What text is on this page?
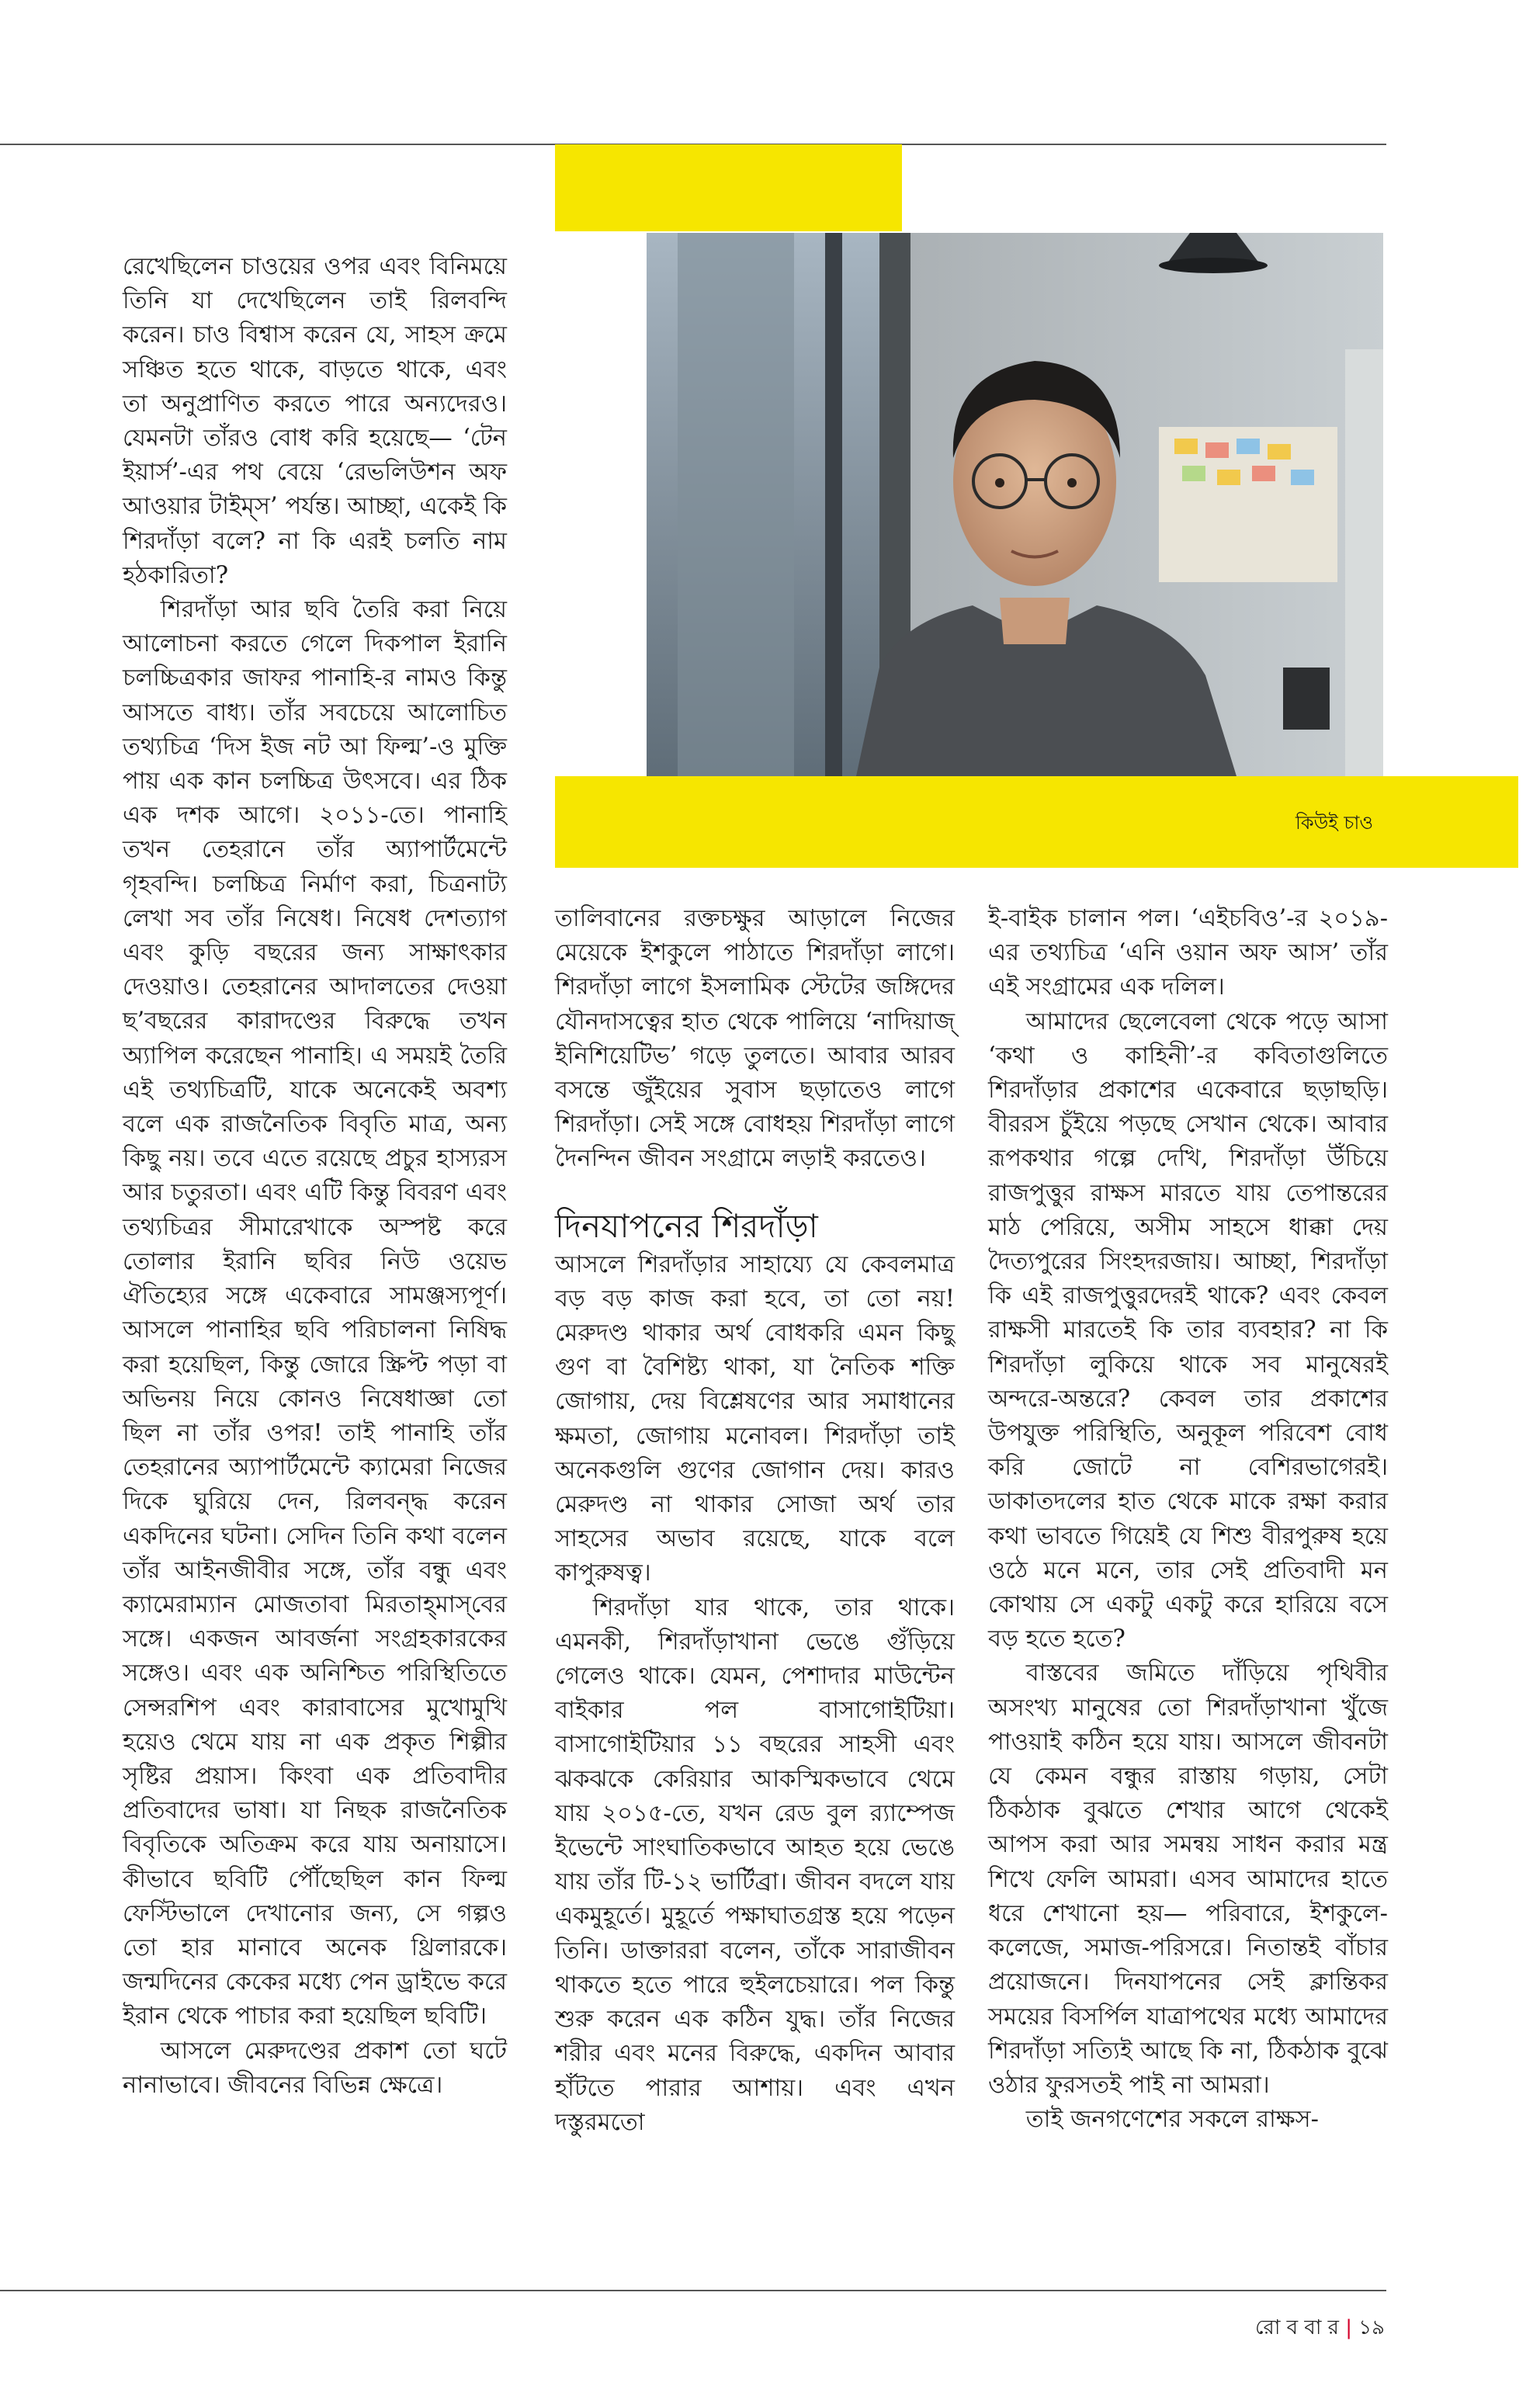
কিউই চাও

রেখেছিলেন চাওয়ের ওপর এবং বিনিময়ে তিনি যা দেখেছিলেন তাই রিলবন্দি করেন। চাও বিশ্বাস করেন যে, সাহস ক্রমে সঞ্চিত হতে থাকে, বাড়তে থাকে, এবং তা অনুপ্রাণিত করতে পারে অন্যদেরও। যেমনটা তাঁরও বোধ করি হয়েছে— ‘টেন ইয়ার্স’-এর পথ বেয়ে ‘রেভলিউশন অফ আওয়ার টাইম্‌স’ পর্যন্ত। আচ্ছা, একেই কি শিরদাঁড়া বলে? না কি এরই চলতি নাম হঠকারিতা?

শিরদাঁড়া আর ছবি তৈরি করা নিয়ে আলোচনা করতে গেলে দিকপাল ইরানি চলচ্চিত্রকার জাফর পানাহি-র নামও কিন্তু আসতে বাধ্য। তাঁর সবচেয়ে আলোচিত তথ্যচিত্র ‘দিস ইজ নট আ ফিল্ম’-ও মুক্তি পায় এক কান চলচ্চিত্র উৎসবে। এর ঠিক এক দশক আগে। ২০১১-তে। পানাহি তখন তেহরানে তাঁর অ্যাপার্টমেন্টে গৃহবন্দি। চলচ্চিত্র নির্মাণ করা, চিত্রনাট্য লেখা সব তাঁর নিষেধ। নিষেধ দেশত্যাগ এবং কুড়ি বছরের জন্য সাক্ষাৎকার দেওয়াও। তেহরানের আদালতের দেওয়া ছ’বছরের কারাদণ্ডের বিরুদ্ধে তখন অ্যাপিল করেছেন পানাহি। এ সময়ই তৈরি এই তথ্যচিত্রটি, যাকে অনেকেই অবশ্য বলে এক রাজনৈতিক বিবৃতি মাত্র, অন্য কিছু নয়। তবে এতে রয়েছে প্রচুর হাস্যরস আর চতুরতা। এবং এটি কিন্তু বিবরণ এবং তথ্যচিত্রর সীমারেখাকে অস্পষ্ট করে তোলার ইরানি ছবির নিউ ওয়েভ ঐতিহ্যের সঙ্গে একেবারে সামঞ্জস্যপূর্ণ। আসলে পানাহির ছবি পরিচালনা নিষিদ্ধ করা হয়েছিল, কিন্তু জোরে স্ক্রিপ্ট পড়া বা অভিনয় নিয়ে কোনও নিষেধাজ্ঞা তো ছিল না তাঁর ওপর! তাই পানাহি তাঁর তেহরানের অ্যাপার্টমেন্টে ক্যামেরা নিজের দিকে ঘুরিয়ে দেন, রিলবন্দ্ধ করেন একদিনের ঘটনা। সেদিন তিনি কথা বলেন তাঁর আইনজীবীর সঙ্গে, তাঁর বন্ধু এবং ক্যামেরাম্যান মোজতাবা মিরতাহ্‌মাস্‌বের সঙ্গে। একজন আবর্জনা সংগ্রহকারকের সঙ্গেও। এবং এক অনিশ্চিত পরিস্থিতিতে সেন্সরশিপ এবং কারাবাসের মুখোমুখি হয়েও থেমে যায় না এক প্রকৃত শিল্পীর সৃষ্টির প্রয়াস। কিংবা এক প্রতিবাদীর প্রতিবাদের ভাষা। যা নিছক রাজনৈতিক বিবৃতিকে অতিক্রম করে যায় অনায়াসে। কীভাবে ছবিটি পৌঁছেছিল কান ফিল্ম ফেস্টিভালে দেখানোর জন্য, সে গল্পও তো হার মানাবে অনেক থ্রিলারকে। জন্মদিনের কেকের মধ্যে পেন ড্রাইভে করে ইরান থেকে পাচার করা হয়েছিল ছবিটি।

আসলে মেরুদণ্ডের প্রকাশ তো ঘটে নানাভাবে। জীবনের বিভিন্ন ক্ষেত্রে।

তালিবানের রক্তচক্ষুর আড়ালে নিজের মেয়েকে ইশকুলে পাঠাতে শিরদাঁড়া লাগে। শিরদাঁড়া লাগে ইসলামিক স্টেটের জঙ্গিদের যৌনদাসত্বের হাত থেকে পালিয়ে ‘নাদিয়াজ্‌ ইনিশিয়েটিভ’ গড়ে তুলতে। আবার আরব বসন্তে জুঁইয়ের সুবাস ছড়াতেও লাগে শিরদাঁড়া। সেই সঙ্গে বোধহয় শিরদাঁড়া লাগে দৈনন্দিন জীবন সংগ্রামে লড়াই করতেও।

দিনযাপনের শিরদাঁড়া

আসলে শিরদাঁড়ার সাহায্যে যে কেবলমাত্র বড় বড় কাজ করা হবে, তা তো নয়! মেরুদণ্ড থাকার অর্থ বোধকরি এমন কিছু গুণ বা বৈশিষ্ট্য থাকা, যা নৈতিক শক্তি জোগায়, দেয় বিশ্লেষণের আর সমাধানের ক্ষমতা, জোগায় মনোবল। শিরদাঁড়া তাই অনেকগুলি গুণের জোগান দেয়। কারও মেরুদণ্ড না থাকার সোজা অর্থ তার সাহসের অভাব রয়েছে, যাকে বলে কাপুরুষত্ব।

শিরদাঁড়া যার থাকে, তার থাকে। এমনকী, শিরদাঁড়াখানা ভেঙে গুঁড়িয়ে গেলেও থাকে। যেমন, পেশাদার মাউন্টেন বাইকার পল বাসাগোইটিয়া। বাসাগোইটিয়ার ১১ বছরের সাহসী এবং ঝকঝকে কেরিয়ার আকস্মিকভাবে থেমে যায় ২০১৫-তে, যখন রেড বুল র‍্যাম্পেজ ইভেন্টে সাংঘাতিকভাবে আহত হয়ে ভেঙে যায় তাঁর টি-১২ ভার্টিব্রা। জীবন বদলে যায় একমুহূর্তে। মুহূর্তে পক্ষাঘাতগ্রস্ত হয়ে পড়েন তিনি। ডাক্তাররা বলেন, তাঁকে সারাজীবন থাকতে হতে পারে হুইলচেয়ারে। পল কিন্তু শুরু করেন এক কঠিন যুদ্ধ। তাঁর নিজের শরীর এবং মনের বিরুদ্ধে, একদিন আবার হাঁটতে পারার আশায়। এবং এখন দস্তুরমতো

ই-বাইক চালান পল। ‘এইচবিও’-র ২০১৯-এর তথ্যচিত্র ‘এনি ওয়ান অফ আস’ তাঁর এই সংগ্রামের এক দলিল।

আমাদের ছেলেবেলা থেকে পড়ে আসা ‘কথা ও কাহিনী’-র কবিতাগুলিতে শিরদাঁড়ার প্রকাশের একেবারে ছড়াছড়ি। বীররস চুঁইয়ে পড়ছে সেখান থেকে। আবার রূপকথার গল্পে দেখি, শিরদাঁড়া উঁচিয়ে রাজপুত্তুর রাক্ষস মারতে যায় তেপান্তরের মাঠ পেরিয়ে, অসীম সাহসে ধাক্কা দেয় দৈত্যপুরের সিংহদরজায়। আচ্ছা, শিরদাঁড়া কি এই রাজপুত্তুরদেরই থাকে? এবং কেবল রাক্ষসী মারতেই কি তার ব্যবহার? না কি শিরদাঁড়া লুকিয়ে থাকে সব মানুষেরই অন্দরে-অন্তরে? কেবল তার প্রকাশের উপযুক্ত পরিস্থিতি, অনুকূল পরিবেশ বোধ করি জোটে না বেশিরভাগেরই। ডাকাতদলের হাত থেকে মাকে রক্ষা করার কথা ভাবতে গিয়েই যে শিশু বীরপুরুষ হয়ে ওঠে মনে মনে, তার সেই প্রতিবাদী মন কোথায় সে একটু একটু করে হারিয়ে বসে বড় হতে হতে?

বাস্তবের জমিতে দাঁড়িয়ে পৃথিবীর অসংখ্য মানুষের তো শিরদাঁড়াখানা খুঁজে পাওয়াই কঠিন হয়ে যায়। আসলে জীবনটা যে কেমন বন্ধুর রাস্তায় গড়ায়, সেটা ঠিকঠাক বুঝতে শেখার আগে থেকেই আপস করা আর সমন্বয় সাধন করার মন্ত্র শিখে ফেলি আমরা। এসব আমাদের হাতে ধরে শেখানো হয়— পরিবারে, ইশকুলে-কলেজে, সমাজ-পরিসরে। নিতান্তই বাঁচার প্রয়োজনে। দিনযাপনের সেই ক্লান্তিকর সময়ের বিসর্পিল যাত্রাপথের মধ্যে আমাদের শিরদাঁড়া সত্যিই আছে কি না, ঠিকঠাক বুঝে ওঠার ফুরসতই পাই না আমরা।

তাই জনগণেশের সকলে রাক্ষস-

রো ব বা র | ১৯
